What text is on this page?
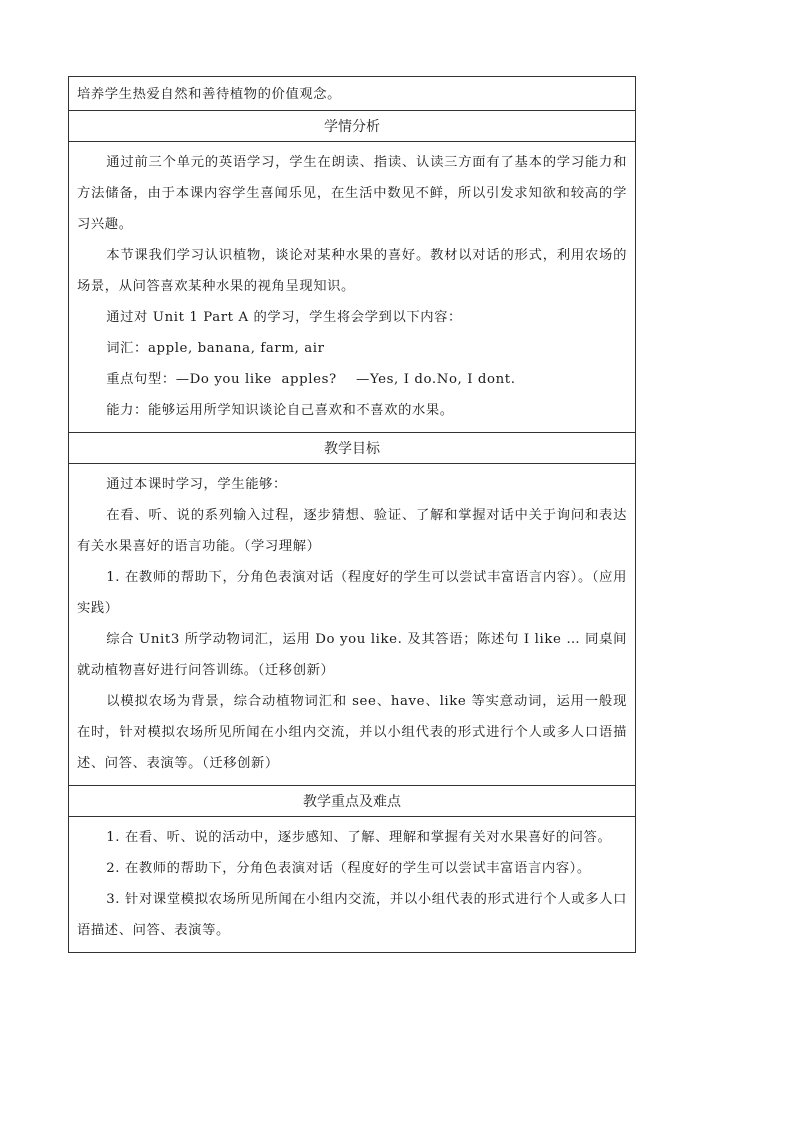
培养学生热爱自然和善待植物的价值观念。

学情分析

通过前三个单元的英语学习，学生在朗读、指读、认读三方面有了基本的学习能力和方法储备，由于本课内容学生喜闻乐见，在生活中数见不鲜，所以引发求知欲和较高的学习兴趣。

本节课我们学习认识植物，谈论对某种水果的喜好。教材以对话的形式，利用农场的场景，从问答喜欢某种水果的视角呈现知识。

通过对 Unit 1 Part A 的学习，学生将会学到以下内容：

词汇：apple, banana, farm, air

重点句型：—Do you like  apples?    —Yes, I do.No, I dont.

能力：能够运用所学知识谈论自己喜欢和不喜欢的水果。

教学目标

通过本课时学习，学生能够：

在看、听、说的系列输入过程，逐步猜想、验证、了解和掌握对话中关于询问和表达有关水果喜好的语言功能。（学习理解）

1. 在教师的帮助下，分角色表演对话（程度好的学生可以尝试丰富语言内容）。（应用实践）

综合 Unit3 所学动物词汇，运用 Do you like. 及其答语；陈述句 I like … 同桌间就动植物喜好进行问答训练。（迁移创新）

以模拟农场为背景，综合动植物词汇和 see、have、like 等实意动词，运用一般现在时，针对模拟农场所见所闻在小组内交流，并以小组代表的形式进行个人或多人口语描述、问答、表演等。（迁移创新）

教学重点及难点

1. 在看、听、说的活动中，逐步感知、了解、理解和掌握有关对水果喜好的问答。

2. 在教师的帮助下，分角色表演对话（程度好的学生可以尝试丰富语言内容）。

3. 针对课堂模拟农场所见所闻在小组内交流，并以小组代表的形式进行个人或多人口语描述、问答、表演等。
